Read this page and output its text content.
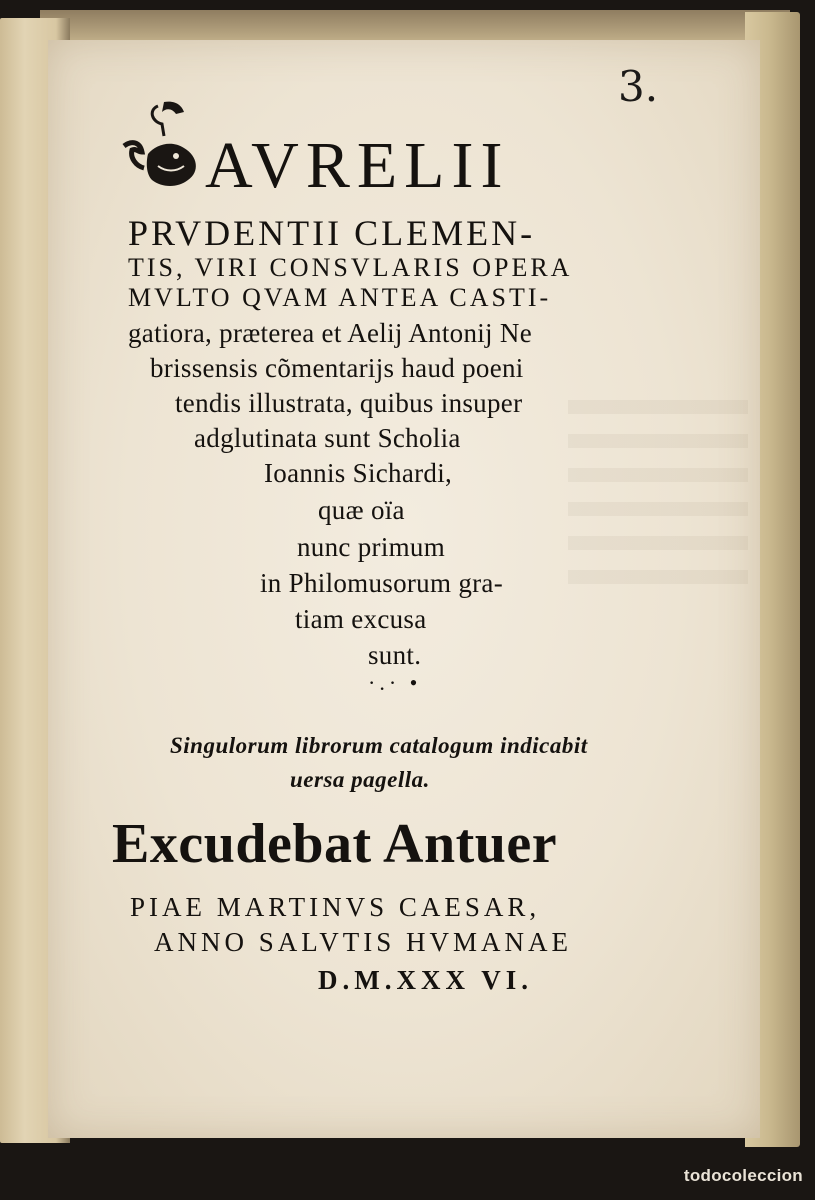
3.
AVRELII
PRVDENTII CLEMEN-
TIS, VIRI CONSVLARIS OPERA
MVLTO QVAM ANTEA CASTI-
gatiora, præterea et Aelij Antonij Ne
brissensis cõmentarijs haud poeni
tendis illustrata, quibus insuper
adglutinata sunt Scholia
Ioannis Sichardi,
quæ oïa
nunc primum
in Philomusorum gra-
tiam excusa
sunt.
·.· •
Singulorum librorum catalogum indicabit
uersa pagella.
Excudebat Antuer
PIAE MARTINVS CAESAR,
ANNO SALVTIS HVMANAE
D.M.XXX VI.
todocoleccion
